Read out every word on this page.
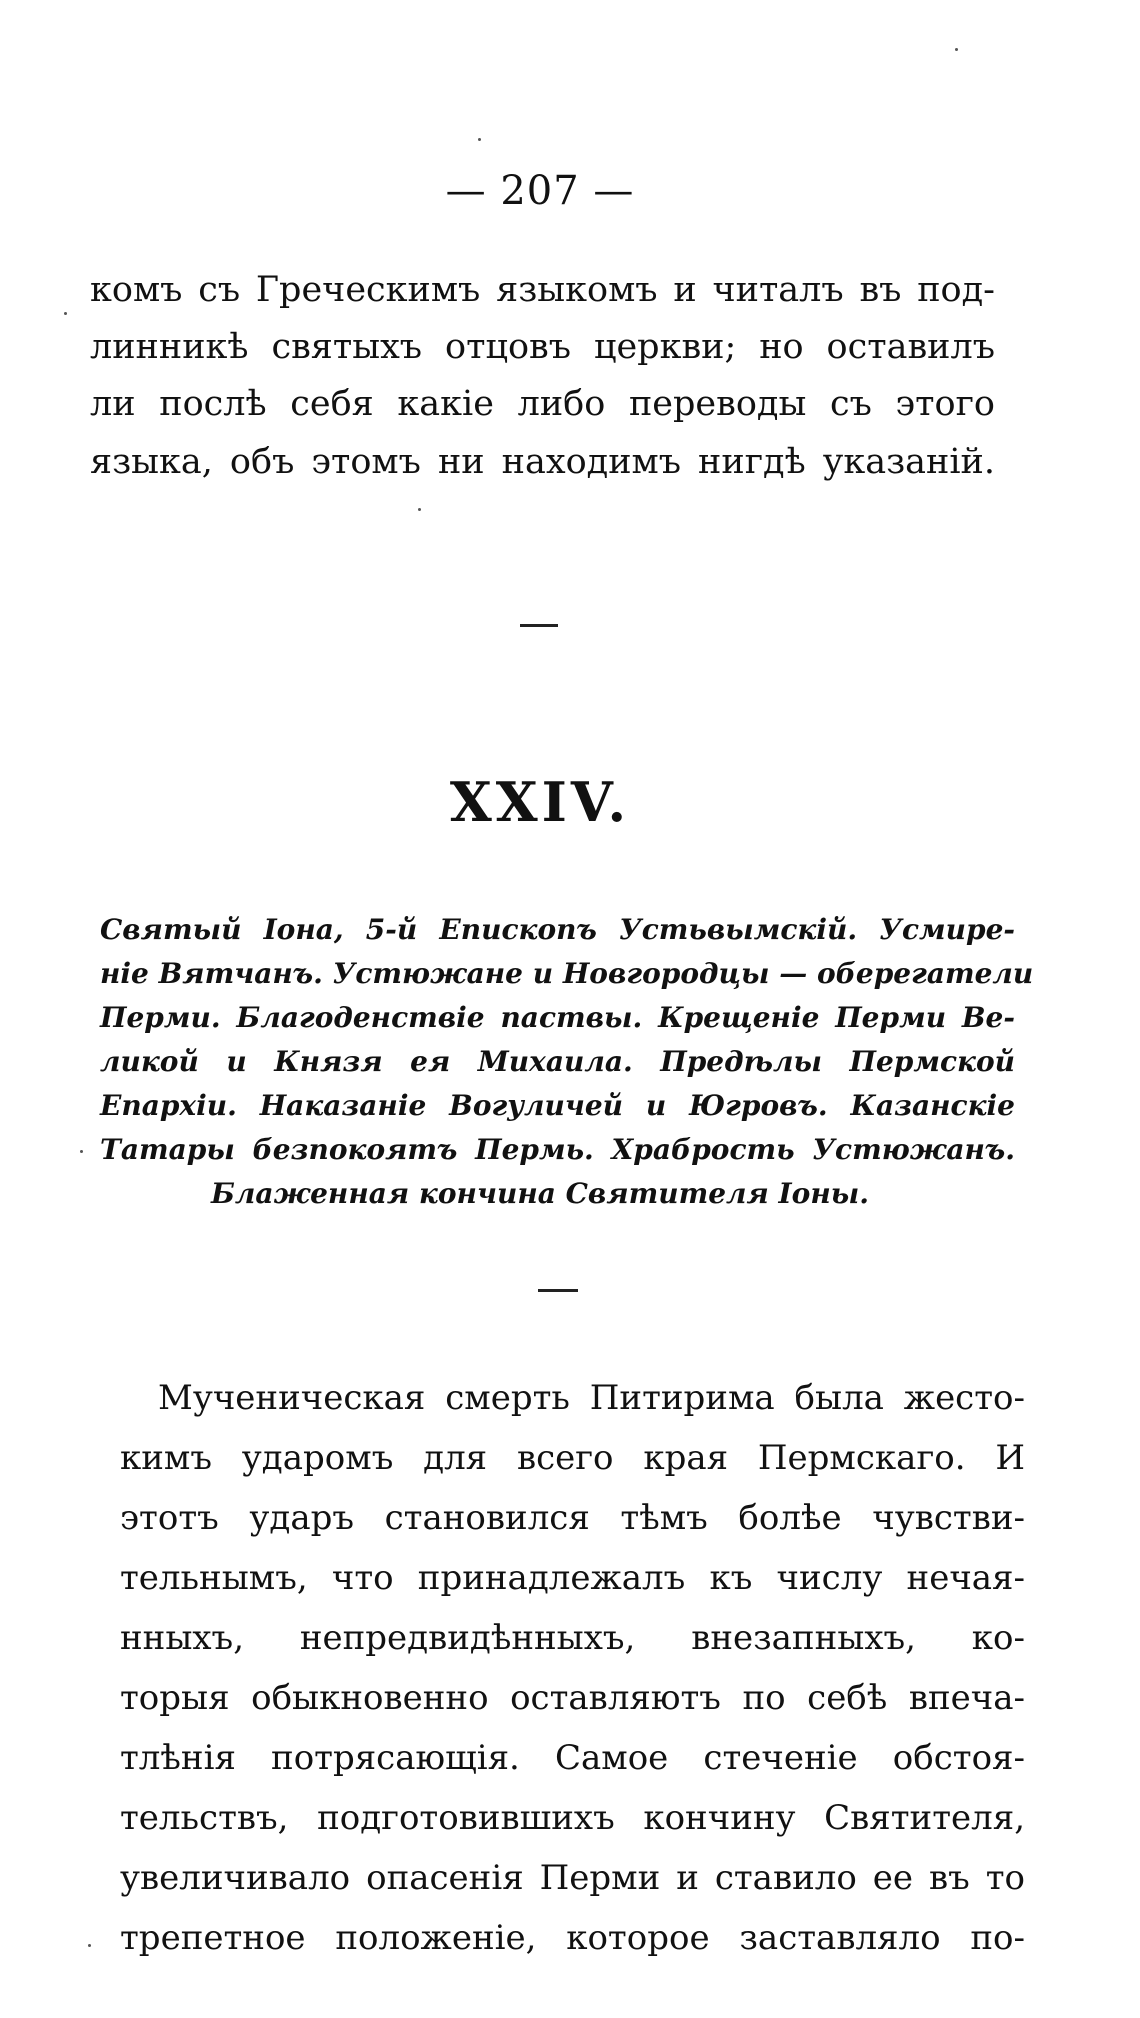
— 207 —
комъ съ Греческимъ языкомъ и читалъ въ под-
линникѣ святыхъ отцовъ церкви; но оставилъ
ли послѣ себя какіе либо переводы съ этого
языка, объ этомъ ни находимъ нигдѣ указаній.
XXIV.
Святый Іона, 5-й Епископъ Устьвымскій. Усмире-
ніе Вятчанъ. Устюжане и Новгородцы — оберегатели
Перми. Благоденствіе паствы. Крещеніе Перми Ве-
ликой и Князя ея Михаила. Предѣлы Пермской
Епархіи. Наказаніе Вогуличей и Югровъ. Казанскіе
Татары безпокоятъ Пермь. Храбрость Устюжанъ.
Блаженная кончина Святителя Іоны.
Мученическая смерть Питирима была жесто-
кимъ ударомъ для всего края Пермскаго. И
этотъ ударъ становился тѣмъ болѣе чувстви-
тельнымъ, что принадлежалъ къ числу нечая-
нныхъ, непредвидѣнныхъ, внезапныхъ, ко-
торыя обыкновенно оставляютъ по себѣ впеча-
тлѣнія потрясающія. Самое стеченіе обстоя-
тельствъ, подготовившихъ кончину Святителя,
увеличивало опасенія Перми и ставило ее въ то
трепетное положеніе, которое заставляло по-
